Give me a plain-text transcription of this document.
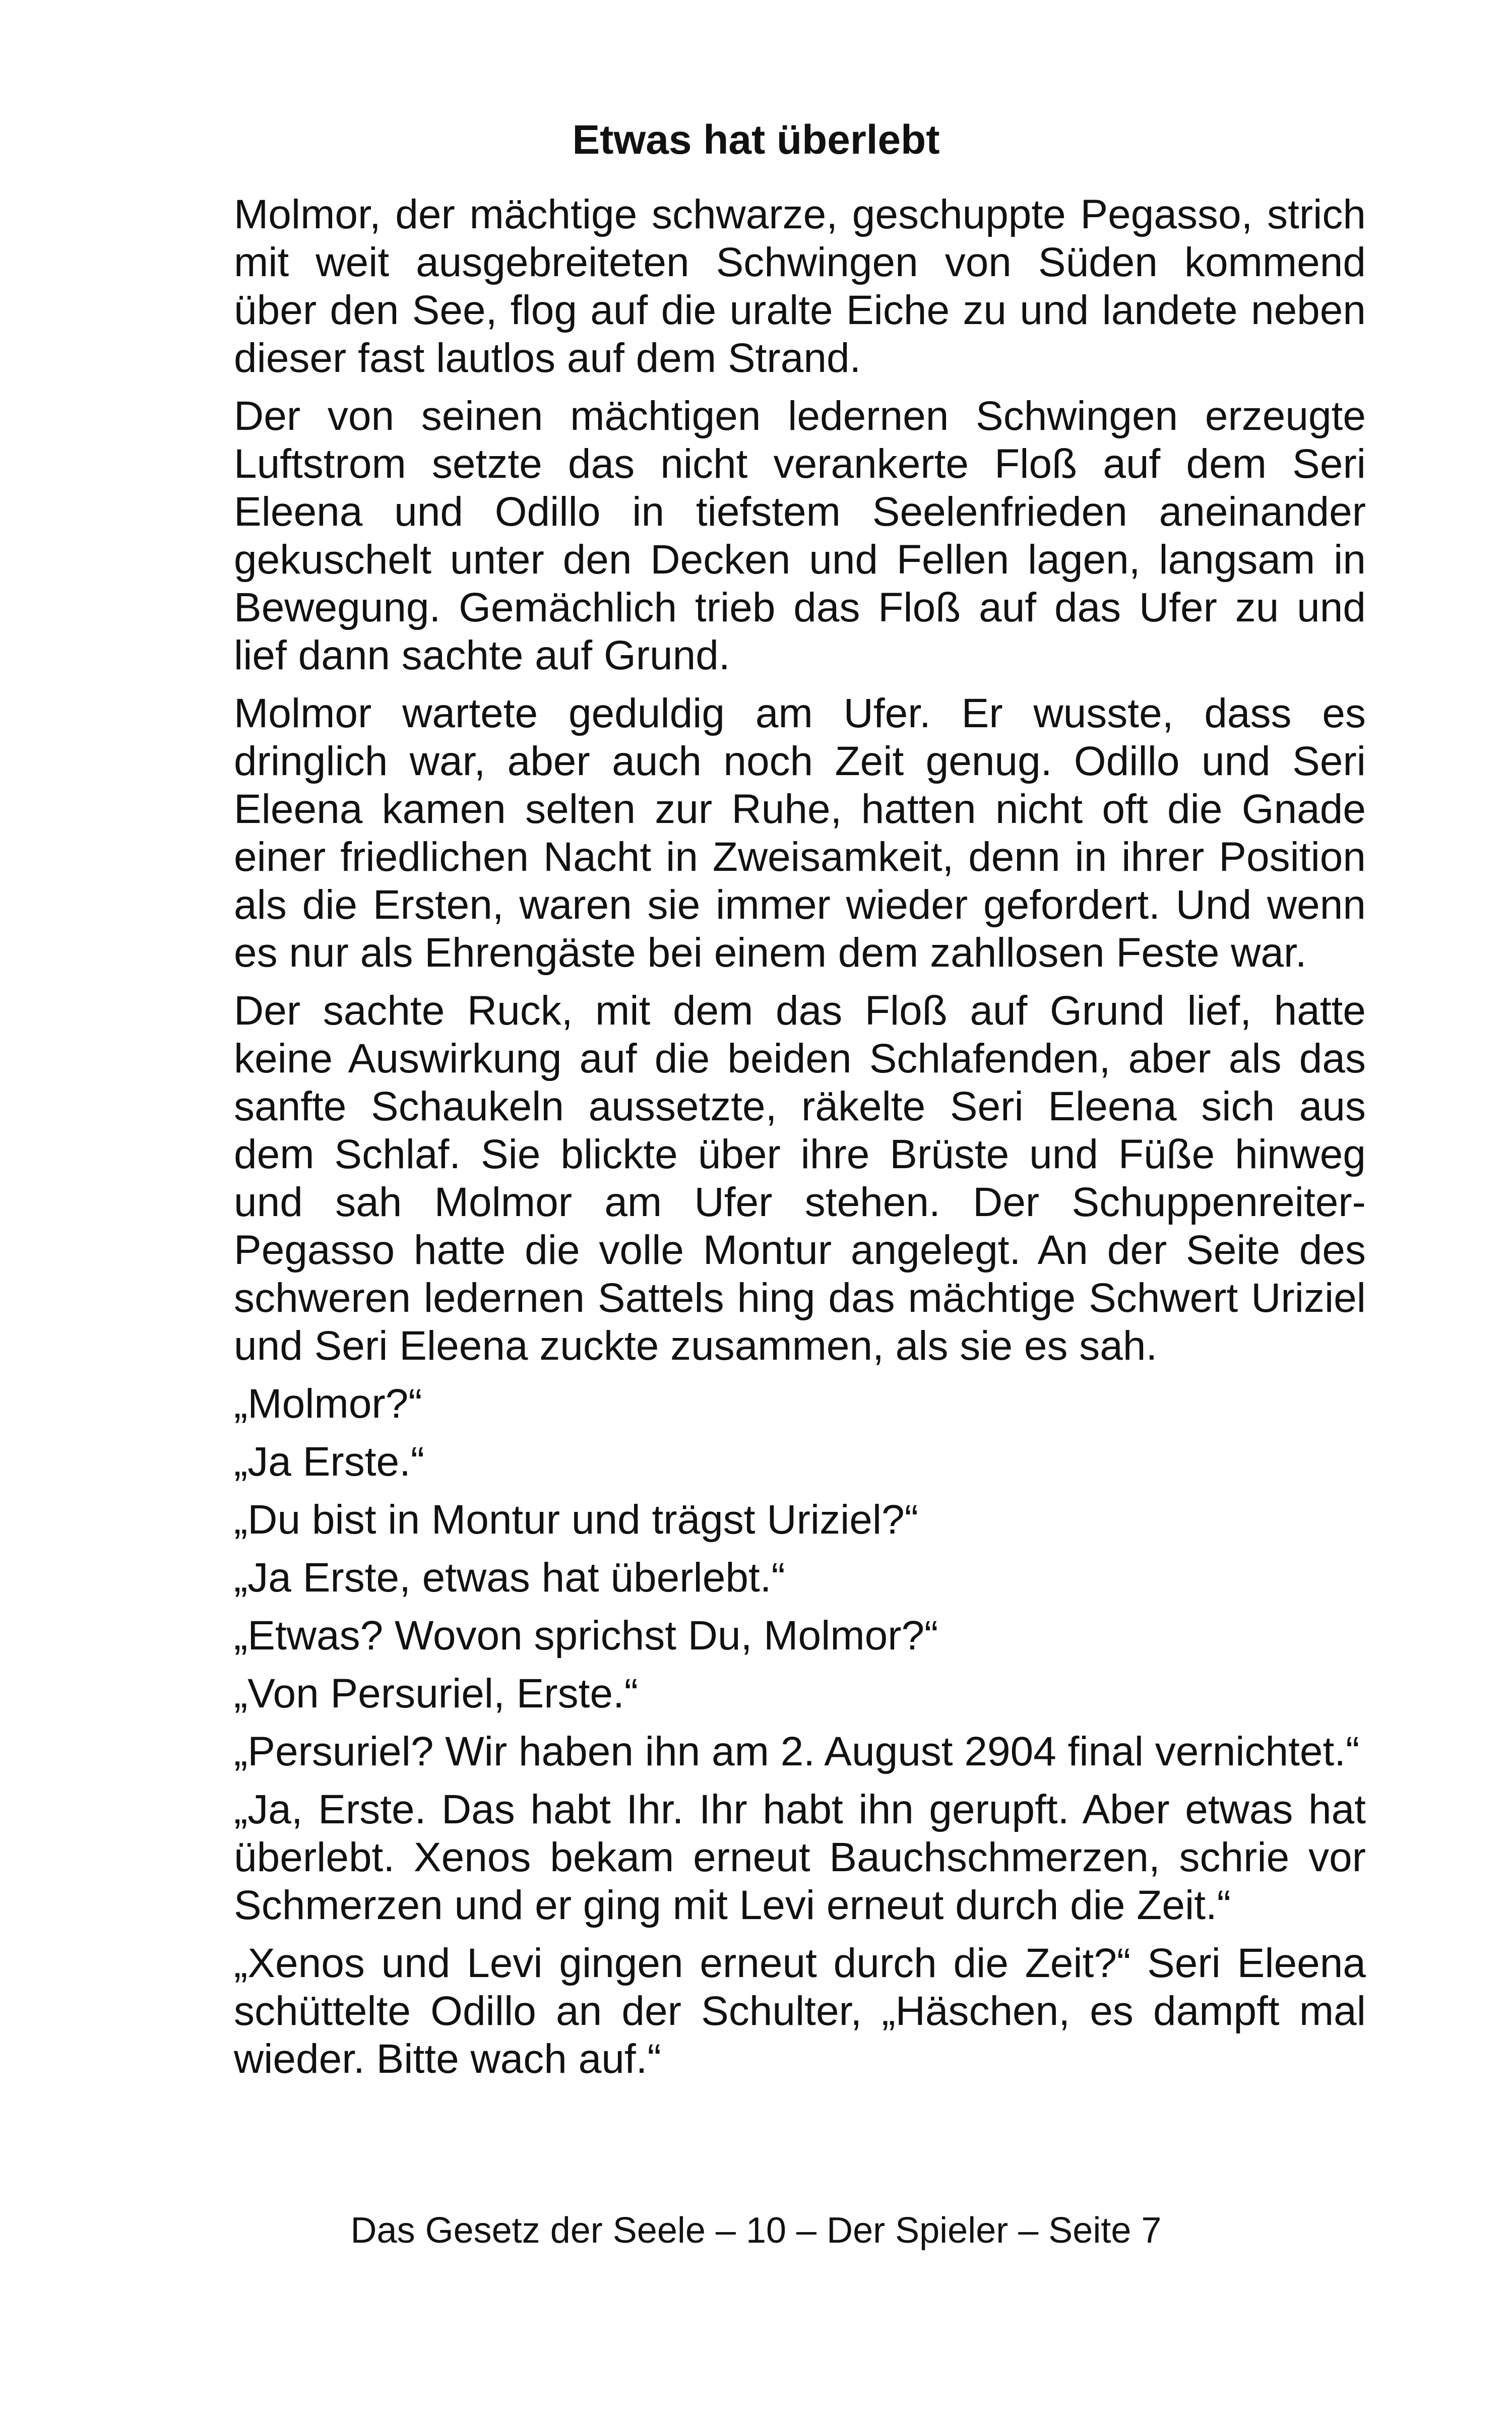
Etwas hat überlebt

Molmor, der mächtige schwarze, geschuppte Pegasso, strich mit weit ausgebreiteten Schwingen von Süden kommend über den See, flog auf die uralte Eiche zu und landete neben dieser fast lautlos auf dem Strand.

Der von seinen mächtigen ledernen Schwingen erzeugte Luftstrom setzte das nicht verankerte Floß auf dem Seri Eleena und Odillo in tiefstem Seelenfrieden aneinander gekuschelt unter den Decken und Fellen lagen, langsam in Bewegung. Gemächlich trieb das Floß auf das Ufer zu und lief dann sachte auf Grund.

Molmor wartete geduldig am Ufer. Er wusste, dass es dringlich war, aber auch noch Zeit genug. Odillo und Seri Eleena kamen selten zur Ruhe, hatten nicht oft die Gnade einer friedlichen Nacht in Zweisamkeit, denn in ihrer Position als die Ersten, waren sie immer wieder gefordert. Und wenn es nur als Ehrengäste bei einem dem zahllosen Feste war.

Der sachte Ruck, mit dem das Floß auf Grund lief, hatte keine Auswirkung auf die beiden Schlafenden, aber als das sanfte Schaukeln aussetzte, räkelte Seri Eleena sich aus dem Schlaf. Sie blickte über ihre Brüste und Füße hinweg und sah Molmor am Ufer stehen. Der Schuppenreiter-Pegasso hatte die volle Montur angelegt. An der Seite des schweren ledernen Sattels hing das mächtige Schwert Uriziel und Seri Eleena zuckte zusammen, als sie es sah.

„Molmor?“

„Ja Erste.“

„Du bist in Montur und trägst Uriziel?“

„Ja Erste, etwas hat überlebt.“

„Etwas? Wovon sprichst Du, Molmor?“

„Von Persuriel, Erste.“

„Persuriel? Wir haben ihn am 2. August 2904 final vernichtet.“

„Ja, Erste. Das habt Ihr. Ihr habt ihn gerupft. Aber etwas hat überlebt. Xenos bekam erneut Bauchschmerzen, schrie vor Schmerzen und er ging mit Levi erneut durch die Zeit.“

„Xenos und Levi gingen erneut durch die Zeit?“ Seri Eleena schüttelte Odillo an der Schulter, „Häschen, es dampft mal wieder. Bitte wach auf.“

Das Gesetz der Seele – 10 – Der Spieler – Seite 7
